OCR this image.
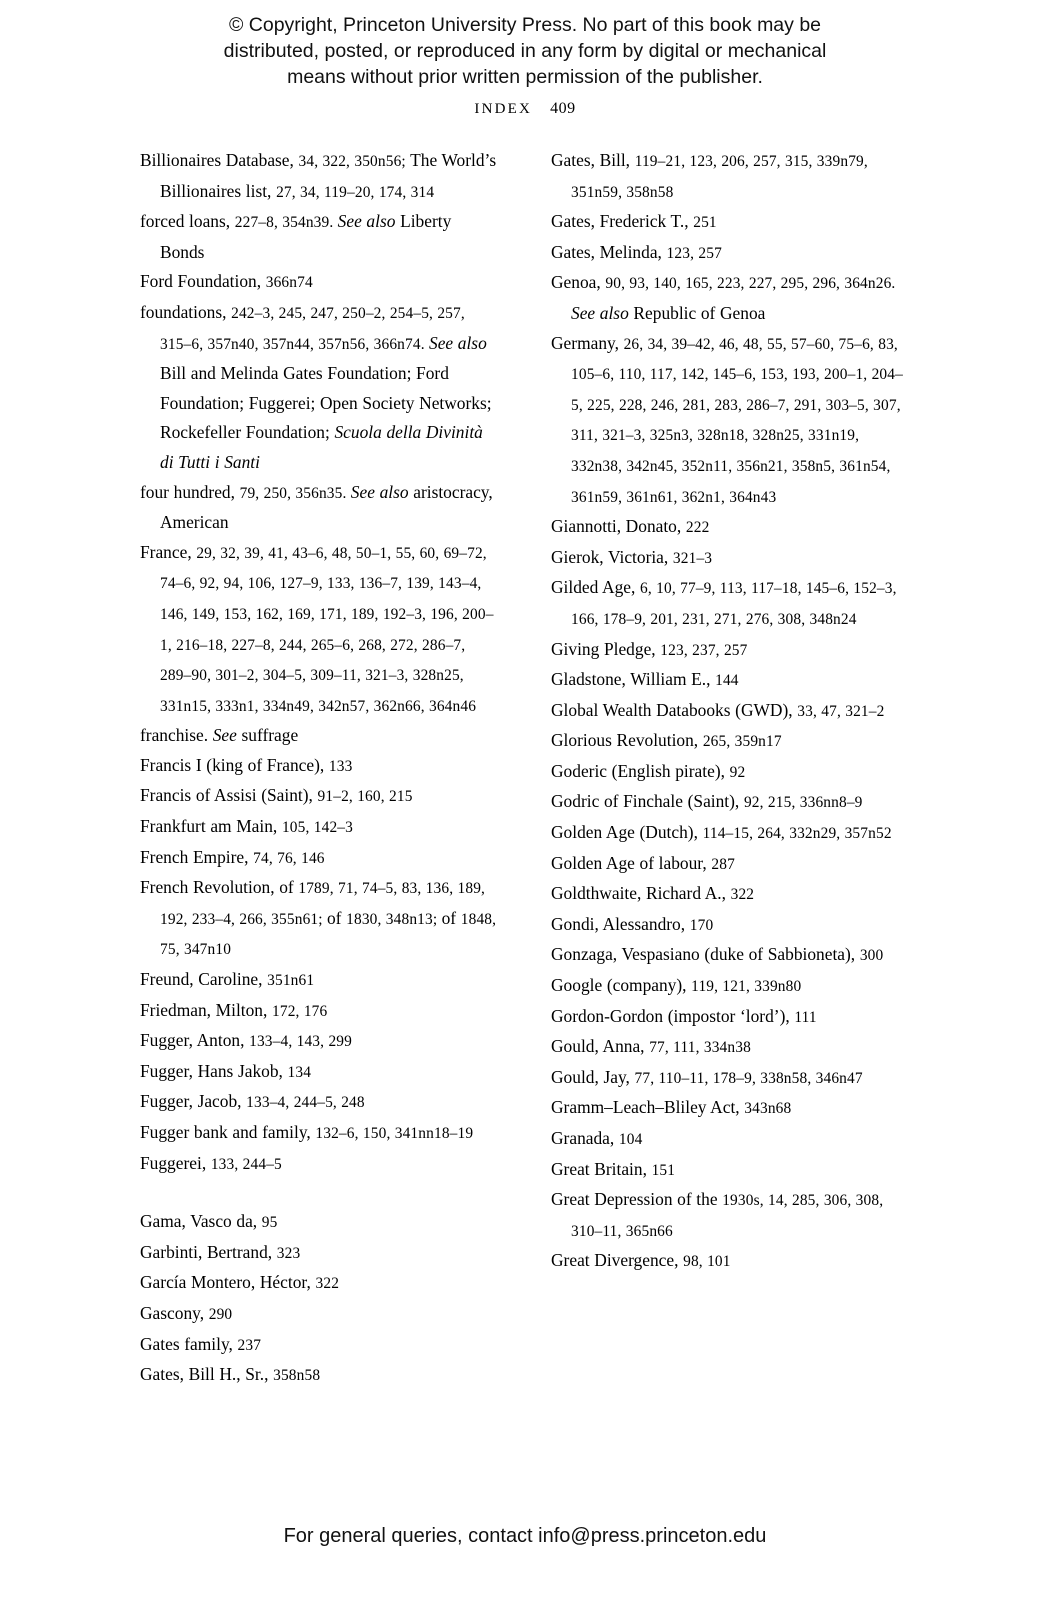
© Copyright, Princeton University Press. No part of this book may be
distributed, posted, or reproduced in any form by digital or mechanical
means without prior written permission of the publisher.
INDEX 409

Billionaires Database, 34, 322, 350n56; The World’s Billionaires list, 27, 34, 119–20, 174, 314

forced loans, 227–8, 354n39. See also Liberty Bonds

Ford Foundation, 366n74

foundations, 242–3, 245, 247, 250–2, 254–5, 257, 315–6, 357n40, 357n44, 357n56, 366n74. See also Bill and Melinda Gates Foundation; Ford Foundation; Fuggerei; Open Society Networks; Rockefeller Foundation; Scuola della Divinità di Tutti i Santi

four hundred, 79, 250, 356n35. See also aristocracy, American

France, 29, 32, 39, 41, 43–6, 48, 50–1, 55, 60, 69–72, 74–6, 92, 94, 106, 127–9, 133, 136–7, 139, 143–4, 146, 149, 153, 162, 169, 171, 189, 192–3, 196, 200–1, 216–18, 227–8, 244, 265–6, 268, 272, 286–7, 289–90, 301–2, 304–5, 309–11, 321–3, 328n25, 331n15, 333n1, 334n49, 342n57, 362n66, 364n46

franchise. See suffrage

Francis I (king of France), 133

Francis of Assisi (Saint), 91–2, 160, 215

Frankfurt am Main, 105, 142–3

French Empire, 74, 76, 146

French Revolution, of 1789, 71, 74–5, 83, 136, 189, 192, 233–4, 266, 355n61; of 1830, 348n13; of 1848, 75, 347n10

Freund, Caroline, 351n61

Friedman, Milton, 172, 176

Fugger, Anton, 133–4, 143, 299

Fugger, Hans Jakob, 134

Fugger, Jacob, 133–4, 244–5, 248

Fugger bank and family, 132–6, 150, 341nn18–19

Fuggerei, 133, 244–5

Gama, Vasco da, 95

Garbinti, Bertrand, 323

García Montero, Héctor, 322

Gascony, 290

Gates family, 237

Gates, Bill H., Sr., 358n58

Gates, Bill, 119–21, 123, 206, 257, 315, 339n79, 351n59, 358n58

Gates, Frederick T., 251

Gates, Melinda, 123, 257

Genoa, 90, 93, 140, 165, 223, 227, 295, 296, 364n26. See also Republic of Genoa

Germany, 26, 34, 39–42, 46, 48, 55, 57–60, 75–6, 83, 105–6, 110, 117, 142, 145–6, 153, 193, 200–1, 204–5, 225, 228, 246, 281, 283, 286–7, 291, 303–5, 307, 311, 321–3, 325n3, 328n18, 328n25, 331n19, 332n38, 342n45, 352n11, 356n21, 358n5, 361n54, 361n59, 361n61, 362n1, 364n43

Giannotti, Donato, 222

Gierok, Victoria, 321–3

Gilded Age, 6, 10, 77–9, 113, 117–18, 145–6, 152–3, 166, 178–9, 201, 231, 271, 276, 308, 348n24

Giving Pledge, 123, 237, 257

Gladstone, William E., 144

Global Wealth Databooks (GWD), 33, 47, 321–2

Glorious Revolution, 265, 359n17

Goderic (English pirate), 92

Godric of Finchale (Saint), 92, 215, 336nn8–9

Golden Age (Dutch), 114–15, 264, 332n29, 357n52

Golden Age of labour, 287

Goldthwaite, Richard A., 322

Gondi, Alessandro, 170

Gonzaga, Vespasiano (duke of Sabbioneta), 300

Google (company), 119, 121, 339n80

Gordon-Gordon (impostor ‘lord’), 111

Gould, Anna, 77, 111, 334n38

Gould, Jay, 77, 110–11, 178–9, 338n58, 346n47

Gramm–Leach–Bliley Act, 343n68

Granada, 104

Great Britain, 151

Great Depression of the 1930s, 14, 285, 306, 308, 310–11, 365n66

Great Divergence, 98, 101

For general queries, contact info@press.princeton.edu
